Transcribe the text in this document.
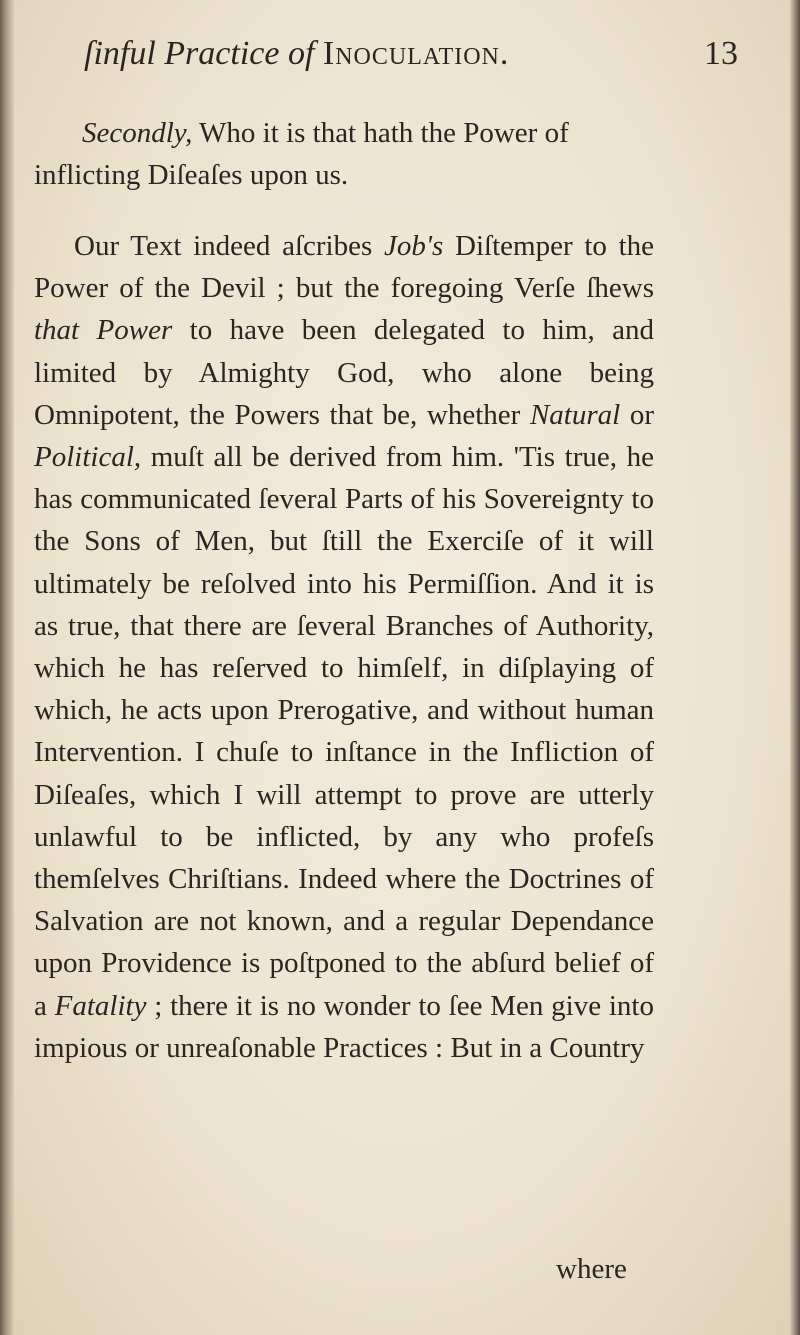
ſinful Practice of Inoculation.	13

Secondly, Who it is that hath the Power of inflicting Diſeaſes upon us.

Our Text indeed aſcribes Job's Diſtemper to the Power of the Devil ; but the foregoing Verſe ſhews that Power to have been delegated to him, and limited by Almighty God, who alone being Omnipotent, the Powers that be, whether Natural or Political, muſt all be derived from him. 'Tis true, he has communicated ſeveral Parts of his Sovereignty to the Sons of Men, but ſtill the Exerciſe of it will ultimately be reſolved into his Permiſſion. And it is as true, that there are ſeveral Branches of Authority, which he has reſerved to himſelf, in diſplaying of which, he acts upon Prerogative, and without human Intervention. I chuſe to inſtance in the Infliction of Diſeaſes, which I will attempt to prove are utterly unlawful to be inflicted, by any who profeſs themſelves Chriſtians. Indeed where the Doctrines of Salvation are not known, and a regular Dependance upon Providence is poſtponed to the abſurd belief of a Fatality ; there it is no wonder to ſee Men give into impious or unreaſonable Practices : But in a Country

where
